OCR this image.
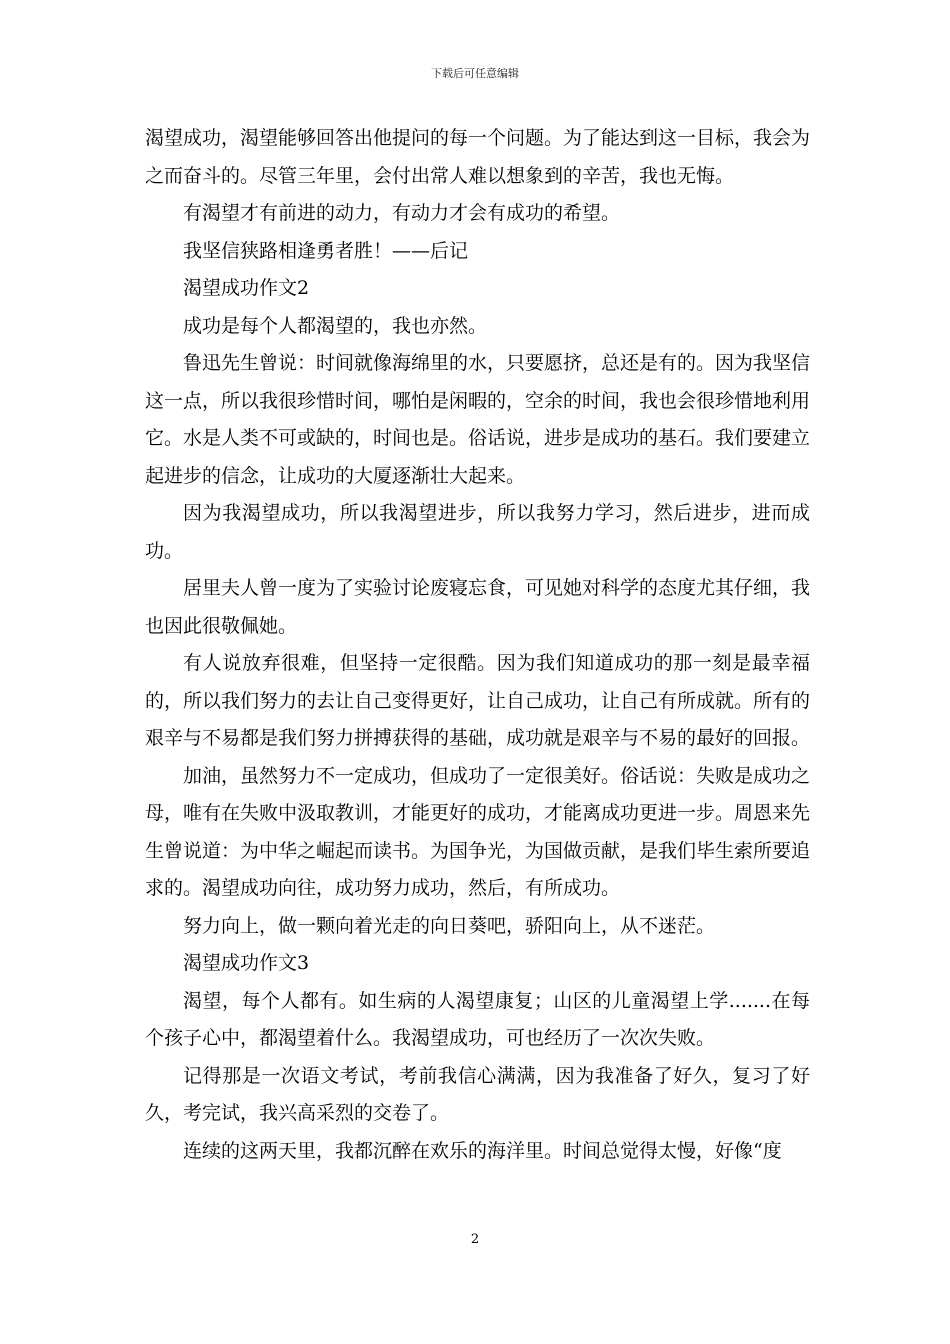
下载后可任意编辑

渴望成功，渴望能够回答出他提问的每一个问题。为了能达到这一目标，我会为之而奋斗的。尽管三年里，会付出常人难以想象到的辛苦，我也无悔。

有渴望才有前进的动力，有动力才会有成功的希望。

我坚信狭路相逢勇者胜！——后记

渴望成功作文2

成功是每个人都渴望的，我也亦然。

鲁迅先生曾说：时间就像海绵里的水，只要愿挤，总还是有的。因为我坚信这一点，所以我很珍惜时间，哪怕是闲暇的，空余的时间，我也会很珍惜地利用它。水是人类不可或缺的，时间也是。俗话说，进步是成功的基石。我们要建立起进步的信念，让成功的大厦逐渐壮大起来。

因为我渴望成功，所以我渴望进步，所以我努力学习，然后进步，进而成功。

居里夫人曾一度为了实验讨论废寝忘食，可见她对科学的态度尤其仔细，我也因此很敬佩她。

有人说放弃很难，但坚持一定很酷。因为我们知道成功的那一刻是最幸福的，所以我们努力的去让自己变得更好，让自己成功，让自己有所成就。所有的艰辛与不易都是我们努力拼搏获得的基础，成功就是艰辛与不易的最好的回报。

加油，虽然努力不一定成功，但成功了一定很美好。俗话说：失败是成功之母，唯有在失败中汲取教训，才能更好的成功，才能离成功更进一步。周恩来先生曾说道：为中华之崛起而读书。为国争光，为国做贡献，是我们毕生索所要追求的。渴望成功向往，成功努力成功，然后，有所成功。

努力向上，做一颗向着光走的向日葵吧，骄阳向上，从不迷茫。

渴望成功作文3

渴望，每个人都有。如生病的人渴望康复；山区的儿童渴望上学.......在每个孩子心中，都渴望着什么。我渴望成功，可也经历了一次次失败。

记得那是一次语文考试，考前我信心满满，因为我准备了好久，复习了好久，考完试，我兴高采烈的交卷了。

连续的这两天里，我都沉醉在欢乐的海洋里。时间总觉得太慢，好像“度

2
